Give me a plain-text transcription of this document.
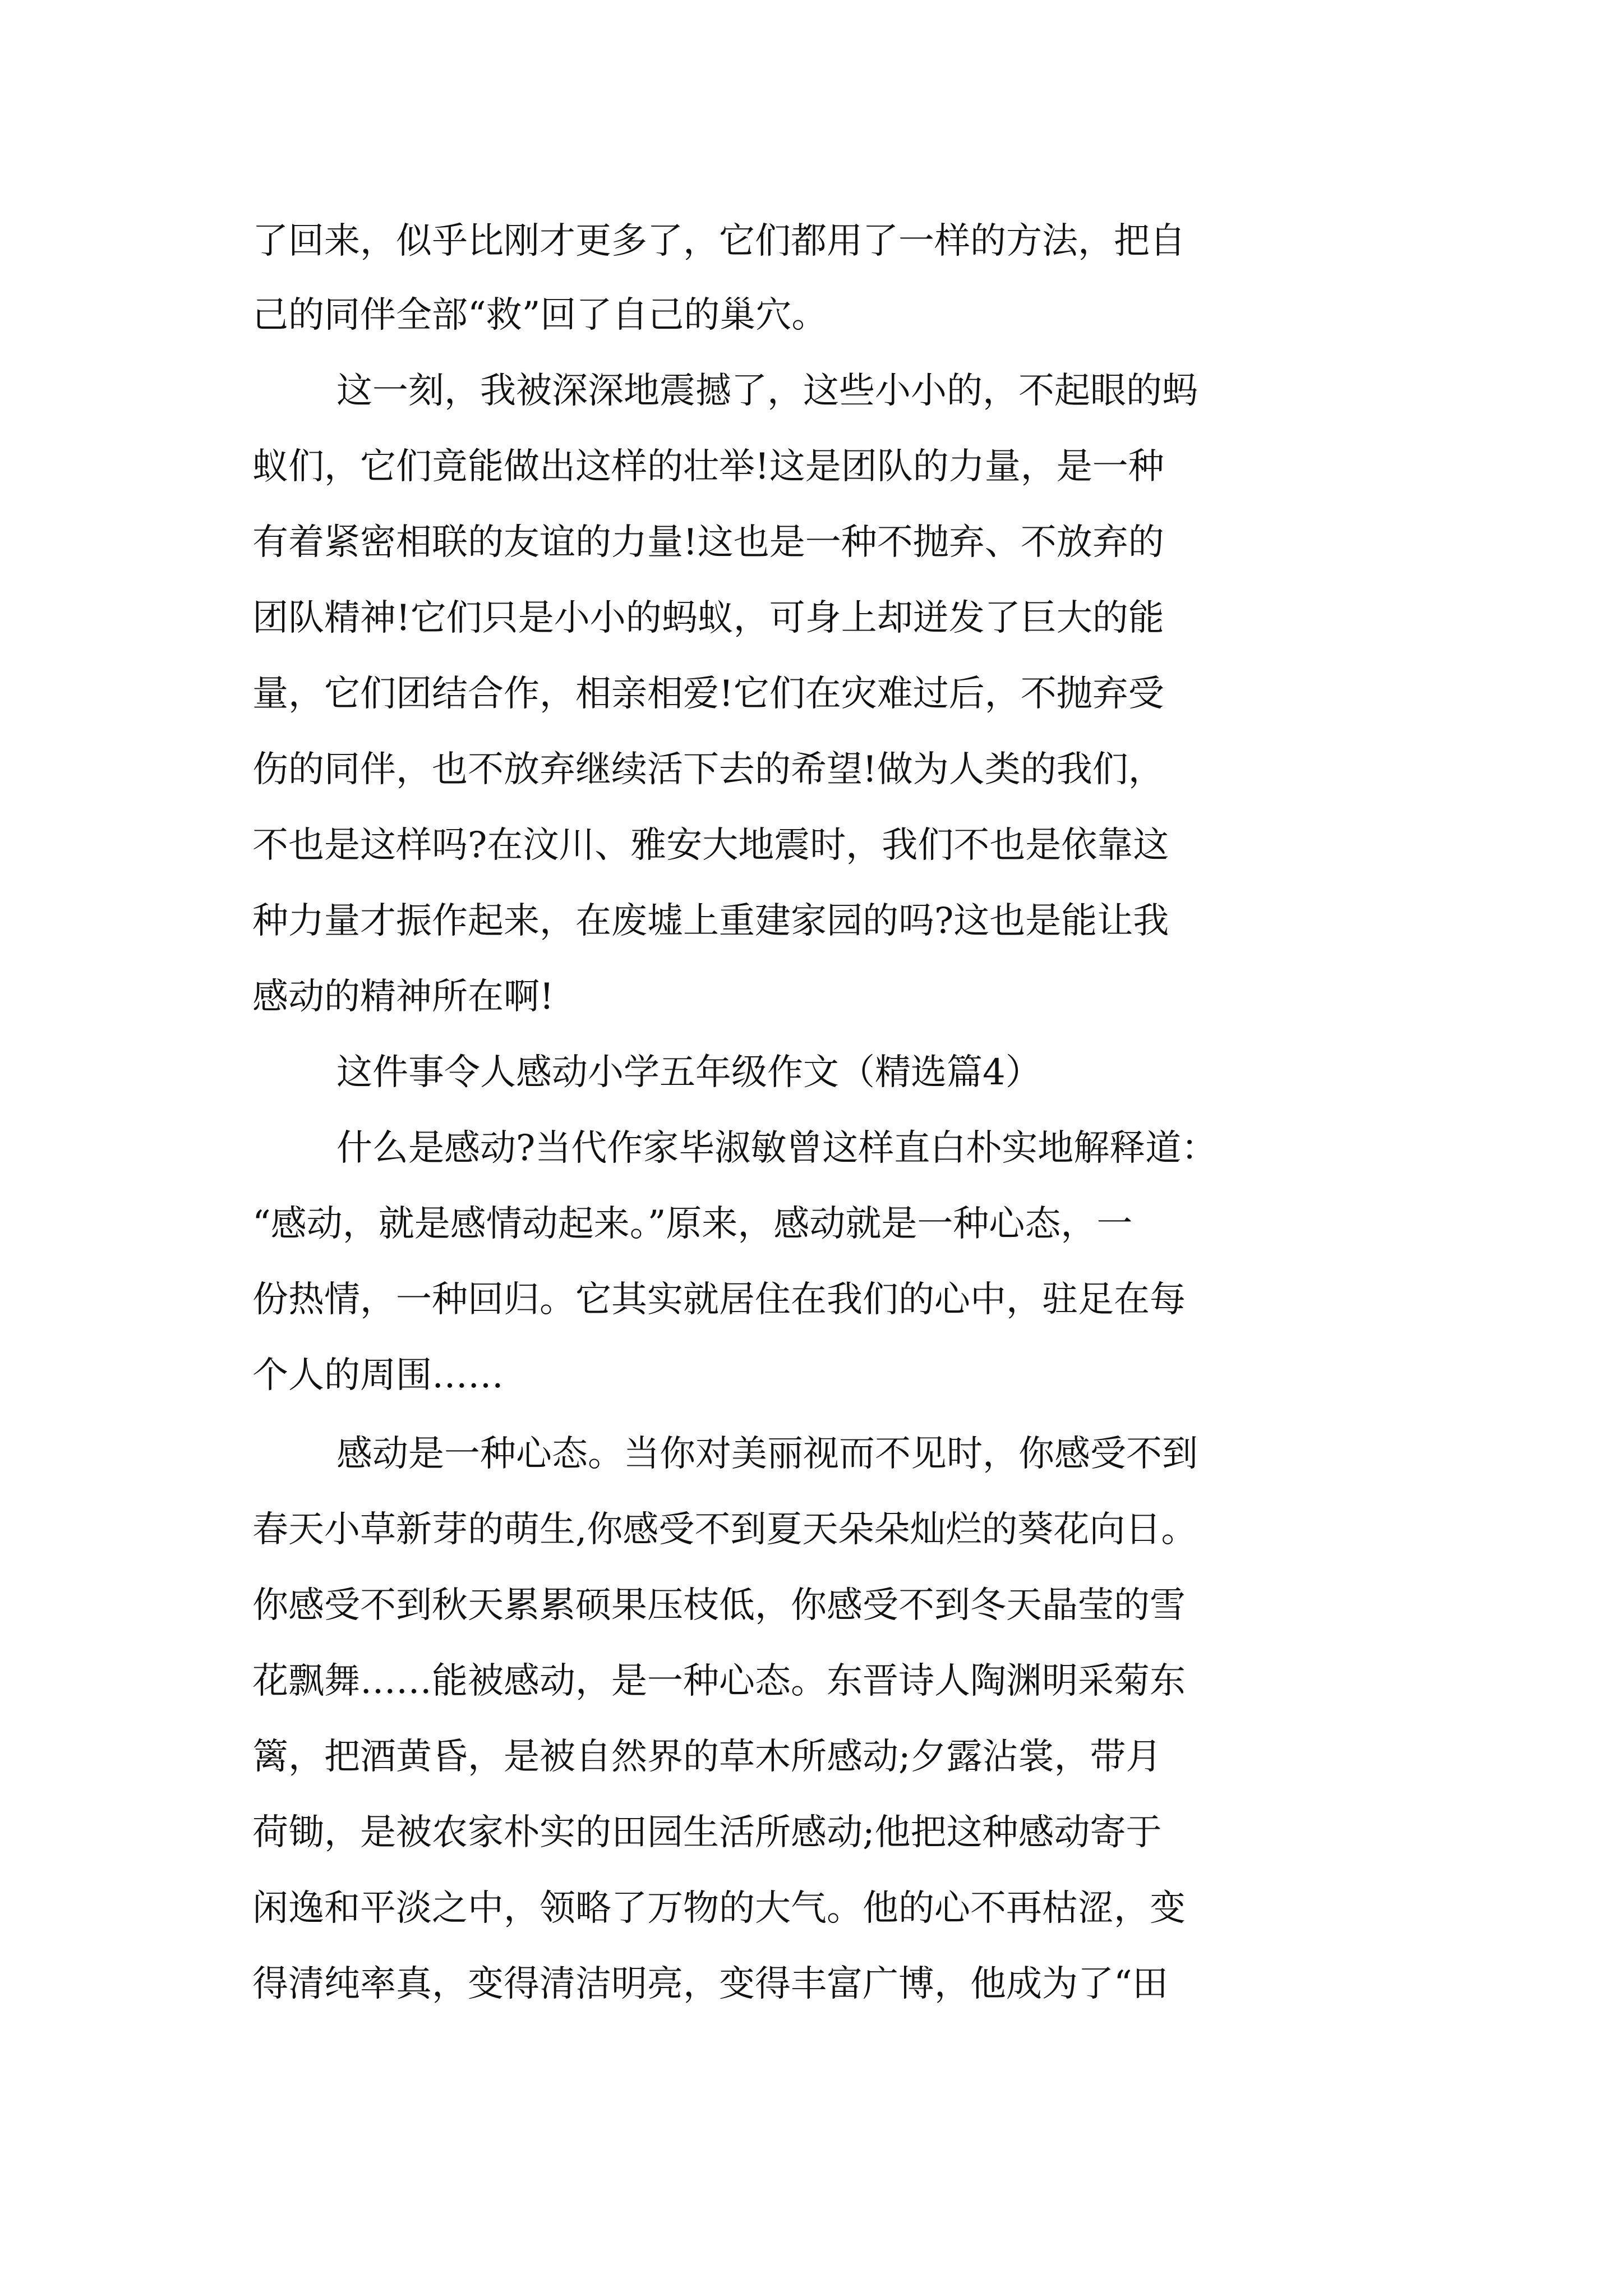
了回来，似乎比刚才更多了，它们都用了一样的方法，把自

己的同伴全部“救”回了自己的巢穴。

这一刻，我被深深地震撼了，这些小小的，不起眼的蚂

蚁们，它们竟能做出这样的壮举!这是团队的力量，是一种

有着紧密相联的友谊的力量!这也是一种不抛弃、不放弃的

团队精神!它们只是小小的蚂蚁，可身上却迸发了巨大的能

量，它们团结合作，相亲相爱!它们在灾难过后，不抛弃受

伤的同伴，也不放弃继续活下去的希望!做为人类的我们，

不也是这样吗?在汶川、雅安大地震时，我们不也是依靠这

种力量才振作起来，在废墟上重建家园的吗?这也是能让我

感动的精神所在啊!

这件事令人感动小学五年级作文（精选篇4）

什么是感动?当代作家毕淑敏曾这样直白朴实地解释道：

“感动，就是感情动起来。”原来，感动就是一种心态，一

份热情，一种回归。它其实就居住在我们的心中，驻足在每

个人的周围……

感动是一种心态。当你对美丽视而不见时，你感受不到

春天小草新芽的萌生,你感受不到夏天朵朵灿烂的葵花向日。

你感受不到秋天累累硕果压枝低，你感受不到冬天晶莹的雪

花飘舞……能被感动，是一种心态。东晋诗人陶渊明采菊东

篱，把酒黄昏，是被自然界的草木所感动;夕露沾裳，带月

荷锄，是被农家朴实的田园生活所感动;他把这种感动寄于

闲逸和平淡之中，领略了万物的大气。他的心不再枯涩，变

得清纯率真，变得清洁明亮，变得丰富广博，他成为了“田
